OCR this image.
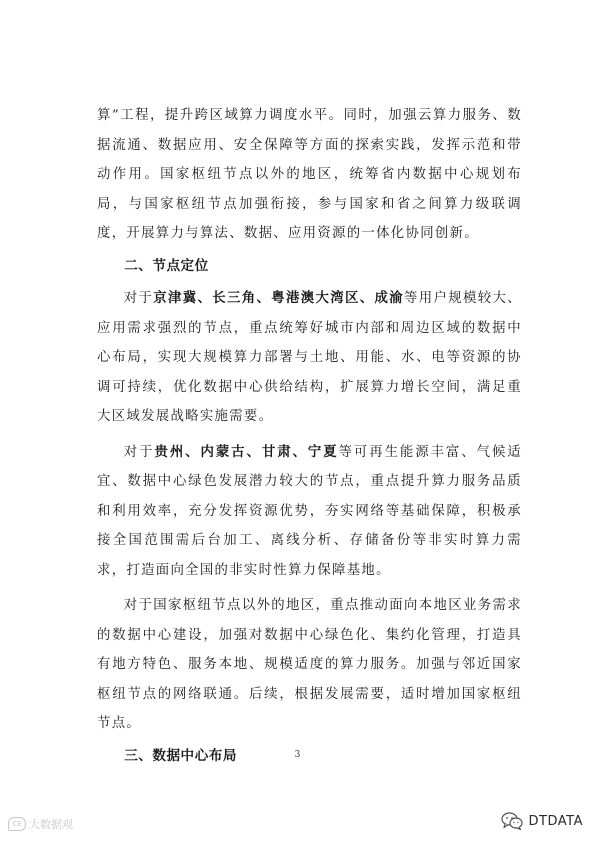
算”工程，提升跨区域算力调度水平。同时，加强云算力服务、数据流通、数据应用、安全保障等方面的探索实践，发挥示范和带动作用。国家枢纽节点以外的地区，统筹省内数据中心规划布局，与国家枢纽节点加强衔接，参与国家和省之间算力级联调度，开展算力与算法、数据、应用资源的一体化协同创新。

二、节点定位

对于京津冀、长三角、粤港澳大湾区、成渝等用户规模较大、应用需求强烈的节点，重点统筹好城市内部和周边区域的数据中心布局，实现大规模算力部署与土地、用能、水、电等资源的协调可持续，优化数据中心供给结构，扩展算力增长空间，满足重大区域发展战略实施需要。

对于贵州、内蒙古、甘肃、宁夏等可再生能源丰富、气候适宜、数据中心绿色发展潜力较大的节点，重点提升算力服务品质和利用效率，充分发挥资源优势，夯实网络等基础保障，积极承接全国范围需后台加工、离线分析、存储备份等非实时算力需求，打造面向全国的非实时性算力保障基地。

对于国家枢纽节点以外的地区，重点推动面向本地区业务需求的数据中心建设，加强对数据中心绿色化、集约化管理，打造具有地方特色、服务本地、规模适度的算力服务。加强与邻近国家枢纽节点的网络联通。后续，根据发展需要，适时增加国家枢纽节点。

三、数据中心布局	3
CE 大数据观	DTDATA
